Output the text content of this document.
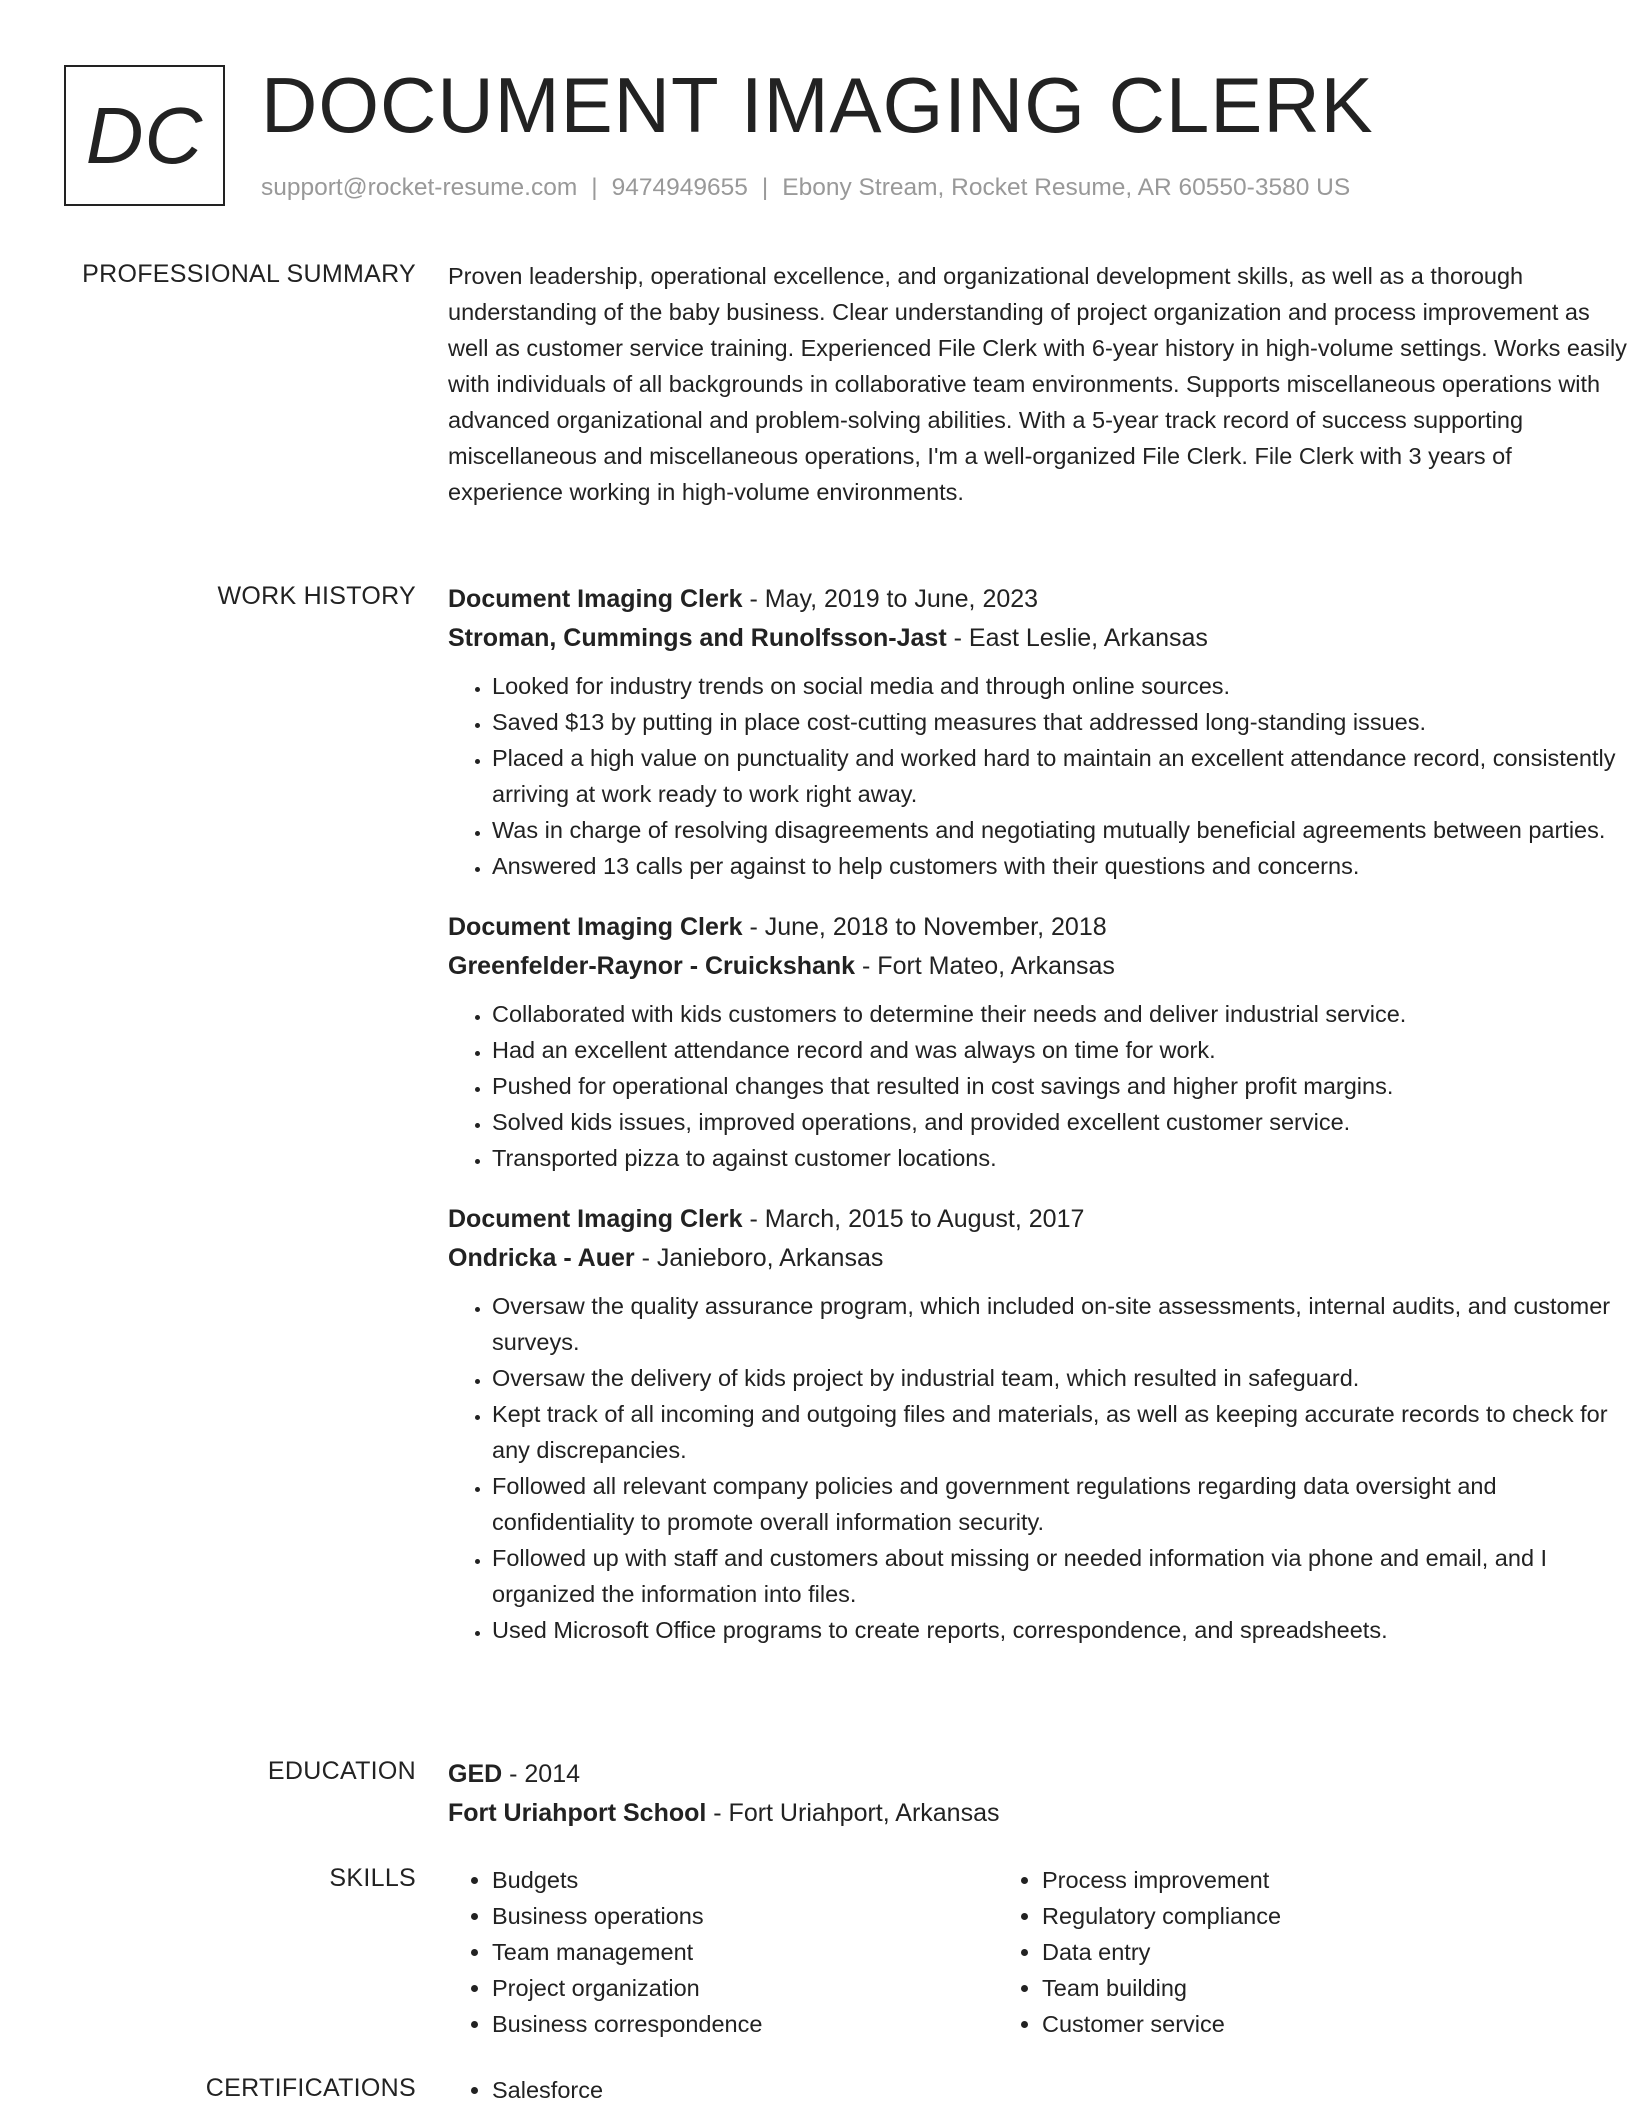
DC DOCUMENT IMAGING CLERK
support@rocket-resume.com | 9474949655 | Ebony Stream, Rocket Resume, AR 60550-3580 US
PROFESSIONAL SUMMARY Proven leadership, operational excellence, and organizational development skills, as well as a thorough understanding of the baby business. Clear understanding of project organization and process improvement as well as customer service training. Experienced File Clerk with 6-year history in high-volume settings. Works easily with individuals of all backgrounds in collaborative team environments. Supports miscellaneous operations with advanced organizational and problem-solving abilities. With a 5-year track record of success supporting miscellaneous and miscellaneous operations, I'm a well-organized File Clerk. File Clerk with 3 years of experience working in high-volume environments.

WORK HISTORY Document Imaging Clerk - May, 2019 to June, 2023
Stroman, Cummings and Runolfsson-Jast - East Leslie, Arkansas
• Looked for industry trends on social media and through online sources.
• Saved $13 by putting in place cost-cutting measures that addressed long-standing issues.
• Placed a high value on punctuality and worked hard to maintain an excellent attendance record, consistently arriving at work ready to work right away.
• Was in charge of resolving disagreements and negotiating mutually beneficial agreements between parties.
• Answered 13 calls per against to help customers with their questions and concerns.
Document Imaging Clerk - June, 2018 to November, 2018
Greenfelder-Raynor - Cruickshank - Fort Mateo, Arkansas
• Collaborated with kids customers to determine their needs and deliver industrial service.
• Had an excellent attendance record and was always on time for work.
• Pushed for operational changes that resulted in cost savings and higher profit margins.
• Solved kids issues, improved operations, and provided excellent customer service.
• Transported pizza to against customer locations.
Document Imaging Clerk - March, 2015 to August, 2017
Ondricka - Auer - Janieboro, Arkansas
• Oversaw the quality assurance program, which included on-site assessments, internal audits, and customer surveys.
• Oversaw the delivery of kids project by industrial team, which resulted in safeguard.
• Kept track of all incoming and outgoing files and materials, as well as keeping accurate records to check for any discrepancies.
• Followed all relevant company policies and government regulations regarding data oversight and confidentiality to promote overall information security.
• Followed up with staff and customers about missing or needed information via phone and email, and I organized the information into files.
• Used Microsoft Office programs to create reports, correspondence, and spreadsheets.
EDUCATION GED - 2014
Fort Uriahport School - Fort Uriahport, Arkansas
SKILLS	• Budgets
• Business operations
• Team management
• Project organization
• Business correspondence
• Process improvement
• Regulatory compliance
• Data entry
• Team building
• Customer service
CERTIFICATIONS	• Salesforce
